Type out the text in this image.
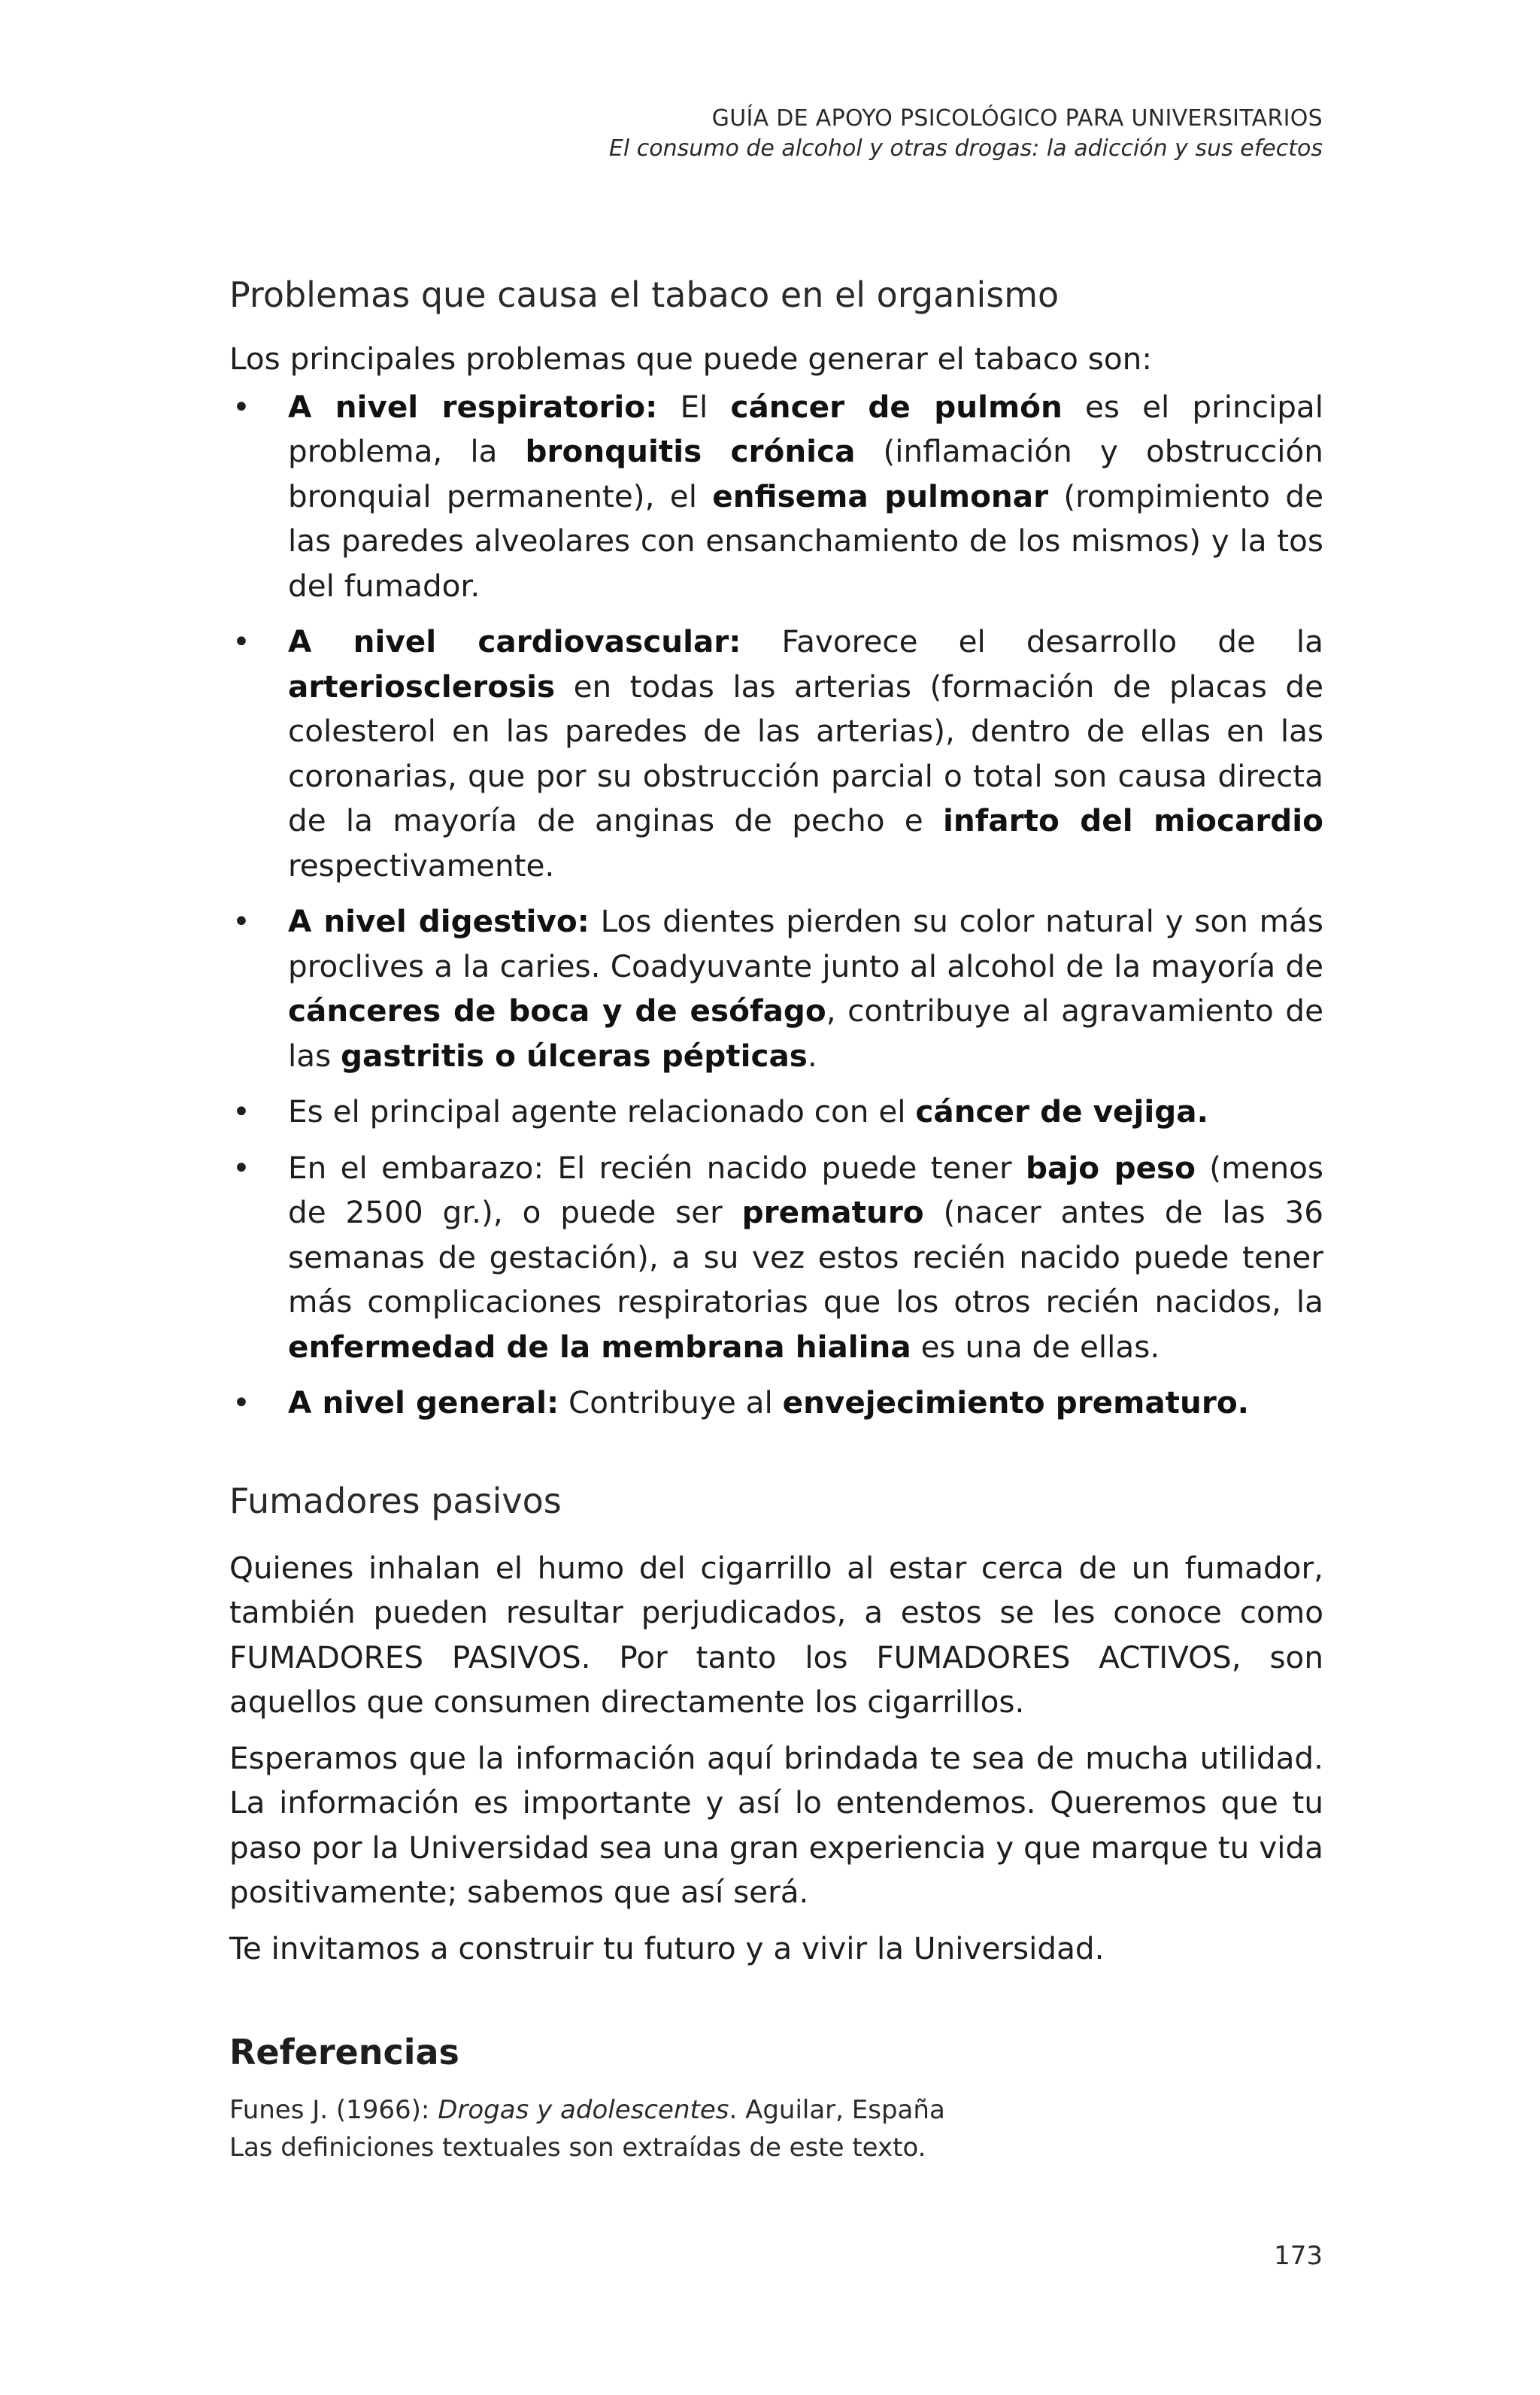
GUÍA DE APOYO PSICOLÓGICO PARA UNIVERSITARIOS
El consumo de alcohol y otras drogas: la adicción y sus efectos
Problemas que causa el tabaco en el organismo

Los principales problemas que puede generar el tabaco son:

• A nivel respiratorio: El cáncer de pulmón es el principal problema, la bronquitis crónica (inflamación y obstrucción bronquial permanente), el enfisema pulmonar (rompimiento de las paredes alveolares con ensanchamiento de los mismos) y la tos del fumador.
• A nivel cardiovascular: Favorece el desarrollo de la arteriosclerosis en todas las arterias (formación de placas de colesterol en las paredes de las arterias), dentro de ellas en las coronarias, que por su obstrucción parcial o total son causa directa de la mayoría de anginas de pecho e infarto del miocardio respectivamente.
• A nivel digestivo: Los dientes pierden su color natural y son más proclives a la caries. Coadyuvante junto al alcohol de la mayoría de cánceres de boca y de esófago, contribuye al agravamiento de las gastritis o úlceras pépticas.
• Es el principal agente relacionado con el cáncer de vejiga.
• En el embarazo: El recién nacido puede tener bajo peso (menos de 2500 gr.), o puede ser prematuro (nacer antes de las 36 semanas de gestación), a su vez estos recién nacido puede tener más complicaciones respiratorias que los otros recién nacidos, la enfermedad de la membrana hialina es una de ellas.
• A nivel general: Contribuye al envejecimiento prematuro.
Fumadores pasivos

Quienes inhalan el humo del cigarrillo al estar cerca de un fumador, también pueden resultar perjudicados, a estos se les conoce como FUMADORES PASIVOS. Por tanto los FUMADORES ACTIVOS, son aquellos que consumen directamente los cigarrillos.

Esperamos que la información aquí brindada te sea de mucha utilidad. La información es importante y así lo entendemos. Queremos que tu paso por la Universidad sea una gran experiencia y que marque tu vida positivamente; sabemos que así será.

Te invitamos a construir tu futuro y a vivir la Universidad.

Referencias

Funes J. (1966): Drogas y adolescentes. Aguilar, España

Las definiciones textuales son extraídas de este texto.

173
